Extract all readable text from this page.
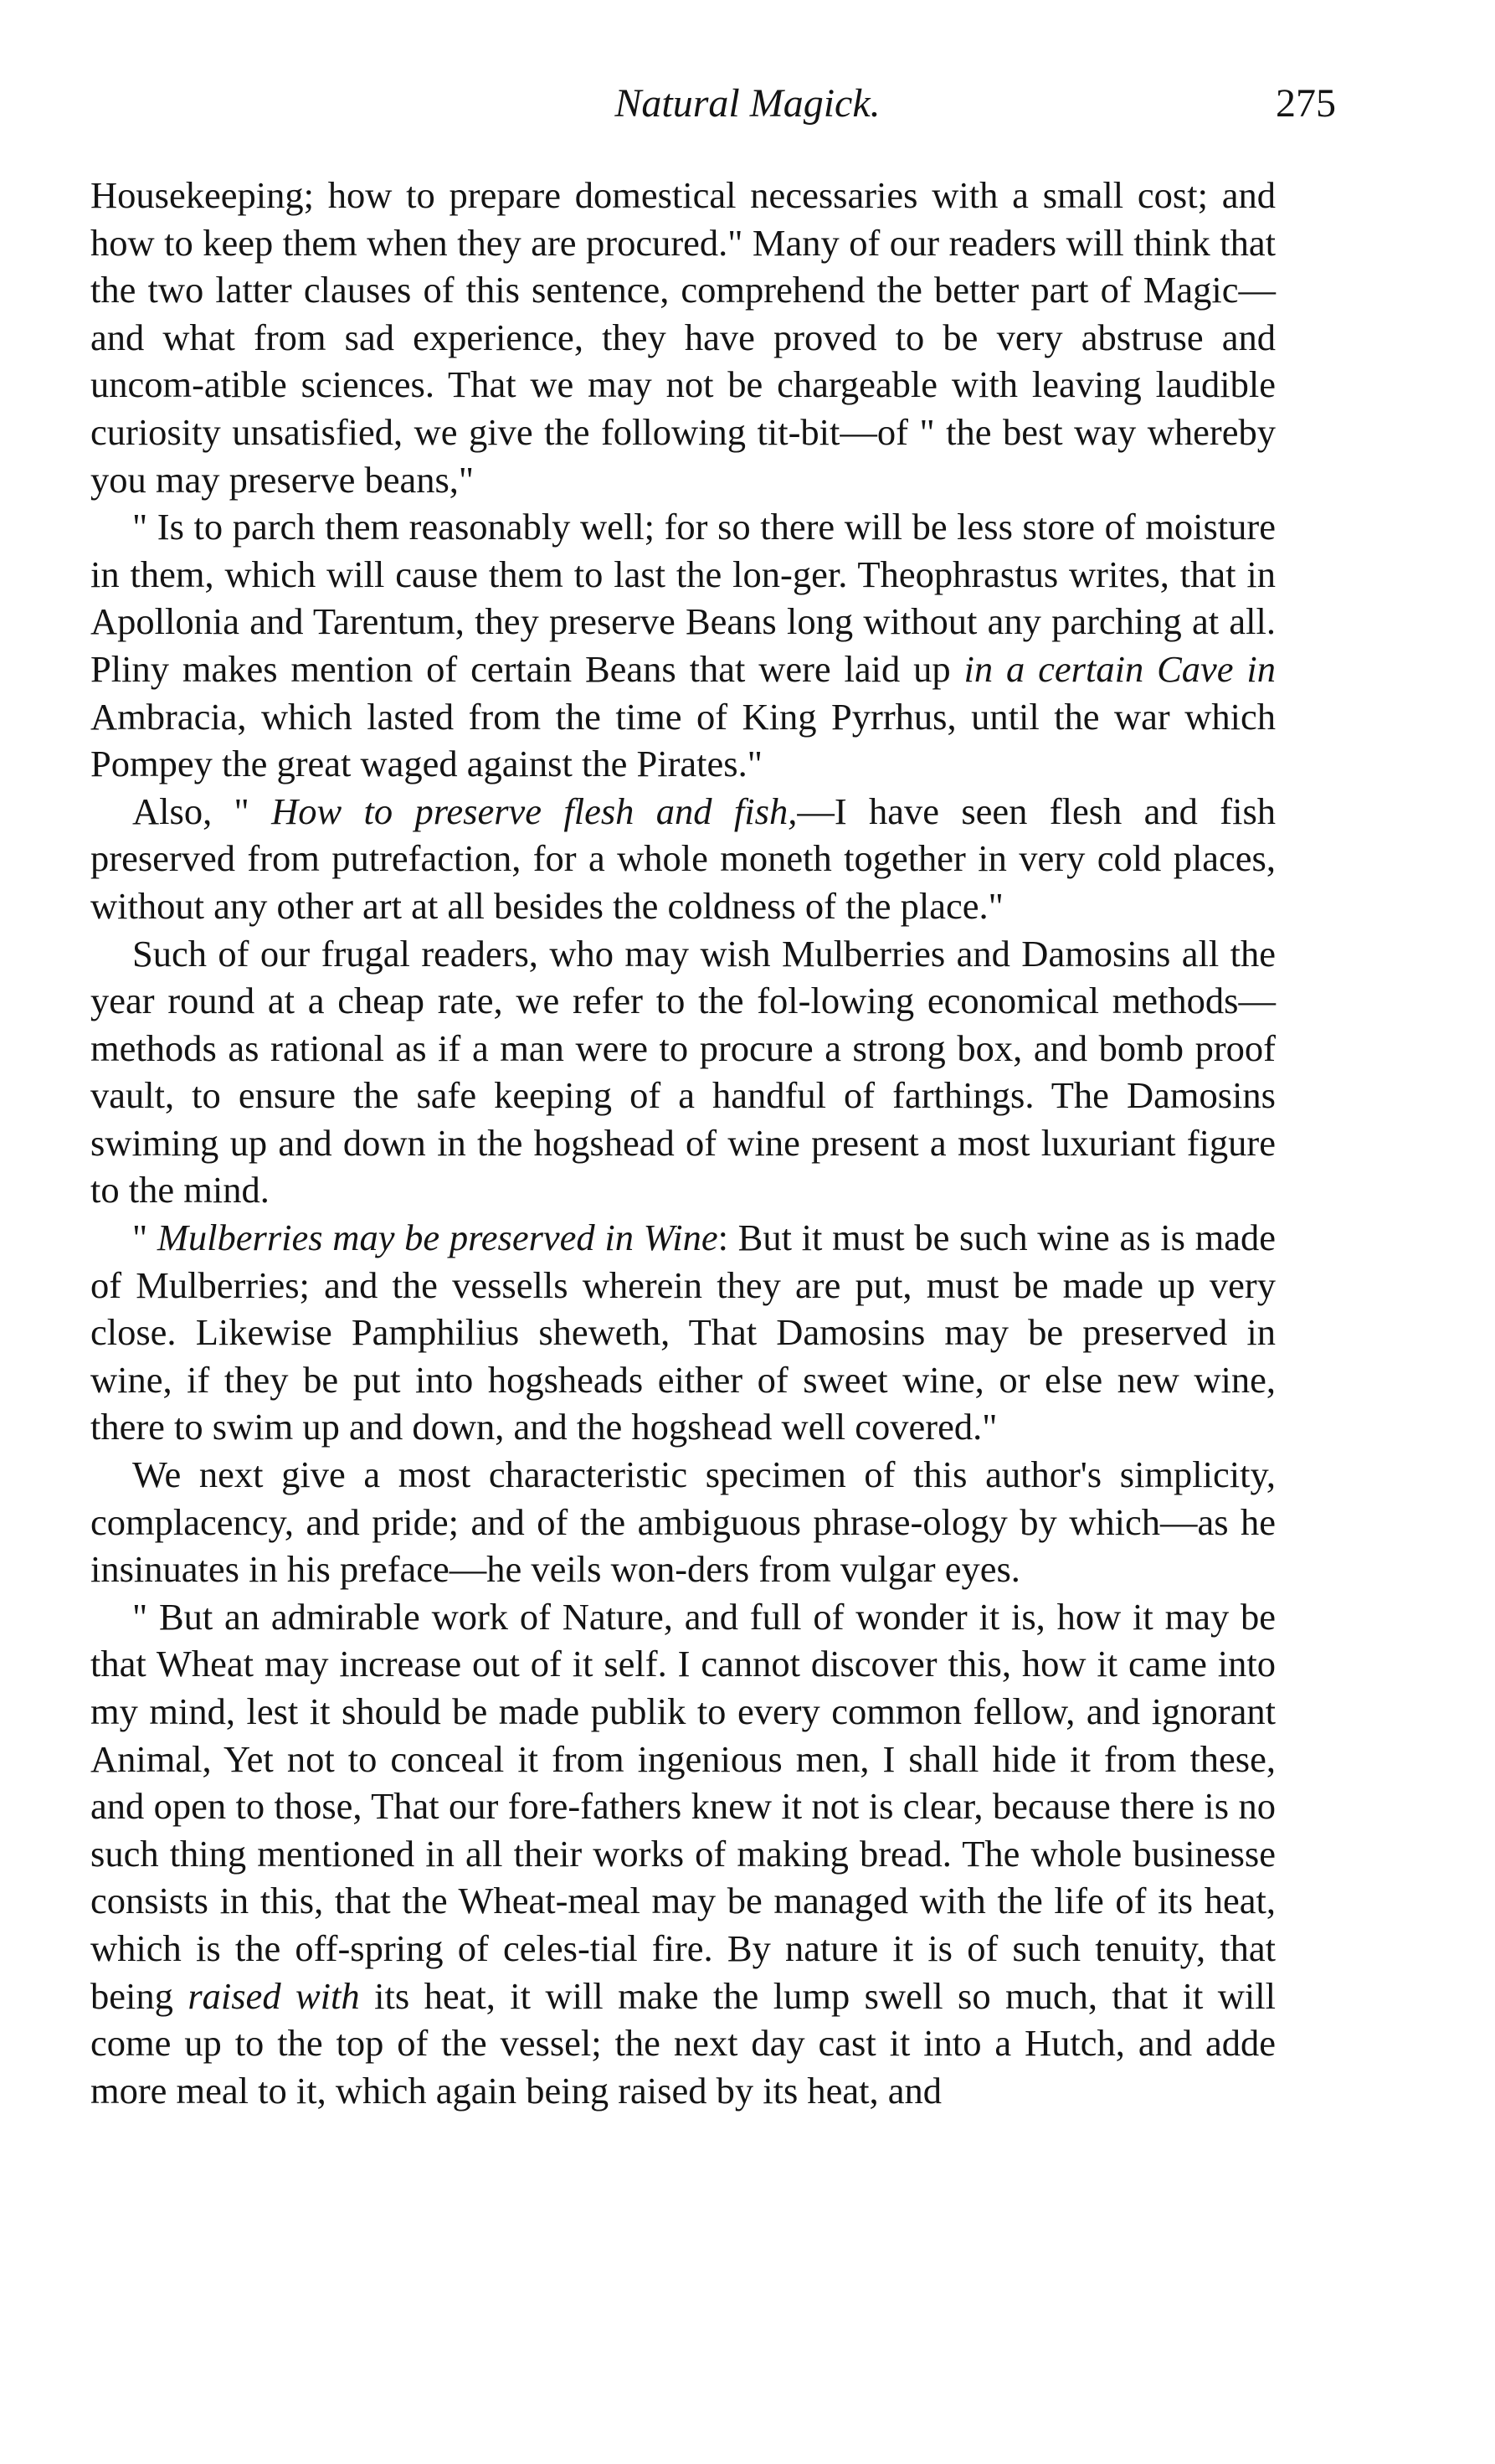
Natural Magick.	275

Housekeeping; how to prepare domestical necessaries with a small cost; and how to keep them when they are procured." Many of our readers will think that the two latter clauses of this sentence, comprehend the better part of Magic—and what from sad experience, they have proved to be very abstruse and uncom-atible sciences. That we may not be chargeable with leaving laudible curiosity unsatisfied, we give the following tit-bit—of " the best way whereby you may preserve beans,"

" Is to parch them reasonably well; for so there will be less store of moisture in them, which will cause them to last the lon-ger. Theophrastus writes, that in Apollonia and Tarentum, they preserve Beans long without any parching at all. Pliny makes mention of certain Beans that were laid up in a certain Cave in Ambracia, which lasted from the time of King Pyrrhus, until the war which Pompey the great waged against the Pirates."

Also, " How to preserve flesh and fish,—I have seen flesh and fish preserved from putrefaction, for a whole moneth together in very cold places, without any other art at all besides the coldness of the place."

Such of our frugal readers, who may wish Mulberries and Damosins all the year round at a cheap rate, we refer to the fol-lowing economical methods—methods as rational as if a man were to procure a strong box, and bomb proof vault, to ensure the safe keeping of a handful of farthings. The Damosins swiming up and down in the hogshead of wine present a most luxuriant figure to the mind.

" Mulberries may be preserved in Wine: But it must be such wine as is made of Mulberries; and the vessells wherein they are put, must be made up very close. Likewise Pamphilius sheweth, That Damosins may be preserved in wine, if they be put into hogsheads either of sweet wine, or else new wine, there to swim up and down, and the hogshead well covered."

We next give a most characteristic specimen of this author's simplicity, complacency, and pride; and of the ambiguous phrase-ology by which—as he insinuates in his preface—he veils won-ders from vulgar eyes.

" But an admirable work of Nature, and full of wonder it is, how it may be that Wheat may increase out of it self. I cannot discover this, how it came into my mind, lest it should be made publik to every common fellow, and ignorant Animal, Yet not to conceal it from ingenious men, I shall hide it from these, and open to those, That our fore-fathers knew it not is clear, because there is no such thing mentioned in all their works of making bread. The whole businesse consists in this, that the Wheat-meal may be managed with the life of its heat, which is the off-spring of celes-tial fire. By nature it is of such tenuity, that being raised with its heat, it will make the lump swell so much, that it will come up to the top of the vessel; the next day cast it into a Hutch, and adde more meal to it, which again being raised by its heat, and
